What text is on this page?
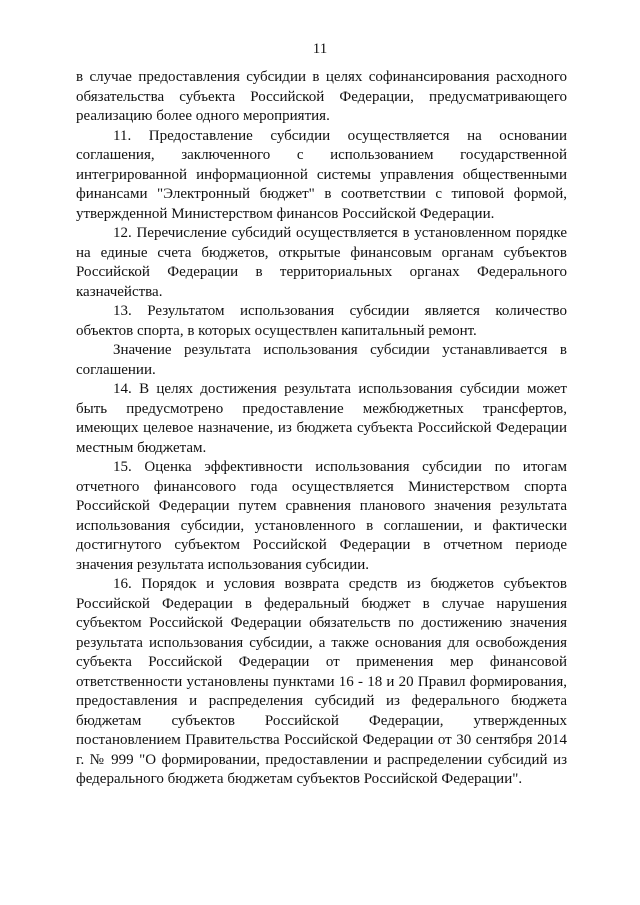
11

в случае предоставления субсидии в целях софинансирования расходного обязательства субъекта Российской Федерации, предусматривающего реализацию более одного мероприятия.

11. Предоставление субсидии осуществляется на основании соглашения, заключенного с использованием государственной интегрированной информационной системы управления общественными финансами "Электронный бюджет" в соответствии с типовой формой, утвержденной Министерством финансов Российской Федерации.

12. Перечисление субсидий осуществляется в установленном порядке на единые счета бюджетов, открытые финансовым органам субъектов Российской Федерации в территориальных органах Федерального казначейства.

13. Результатом использования субсидии является количество объектов спорта, в которых осуществлен капитальный ремонт.

Значение результата использования субсидии устанавливается в соглашении.

14. В целях достижения результата использования субсидии может быть предусмотрено предоставление межбюджетных трансфертов, имеющих целевое назначение, из бюджета субъекта Российской Федерации местным бюджетам.

15. Оценка эффективности использования субсидии по итогам отчетного финансового года осуществляется Министерством спорта Российской Федерации путем сравнения планового значения результата использования субсидии, установленного в соглашении, и фактически достигнутого субъектом Российской Федерации в отчетном периоде значения результата использования субсидии.

16. Порядок и условия возврата средств из бюджетов субъектов Российской Федерации в федеральный бюджет в случае нарушения субъектом Российской Федерации обязательств по достижению значения результата использования субсидии, а также основания для освобождения субъекта Российской Федерации от применения мер финансовой ответственности установлены пунктами 16 - 18 и 20 Правил формирования, предоставления и распределения субсидий из федерального бюджета бюджетам субъектов Российской Федерации, утвержденных постановлением Правительства Российской Федерации от 30 сентября 2014 г. № 999 "О формировании, предоставлении и распределении субсидий из федерального бюджета бюджетам субъектов Российской Федерации".
